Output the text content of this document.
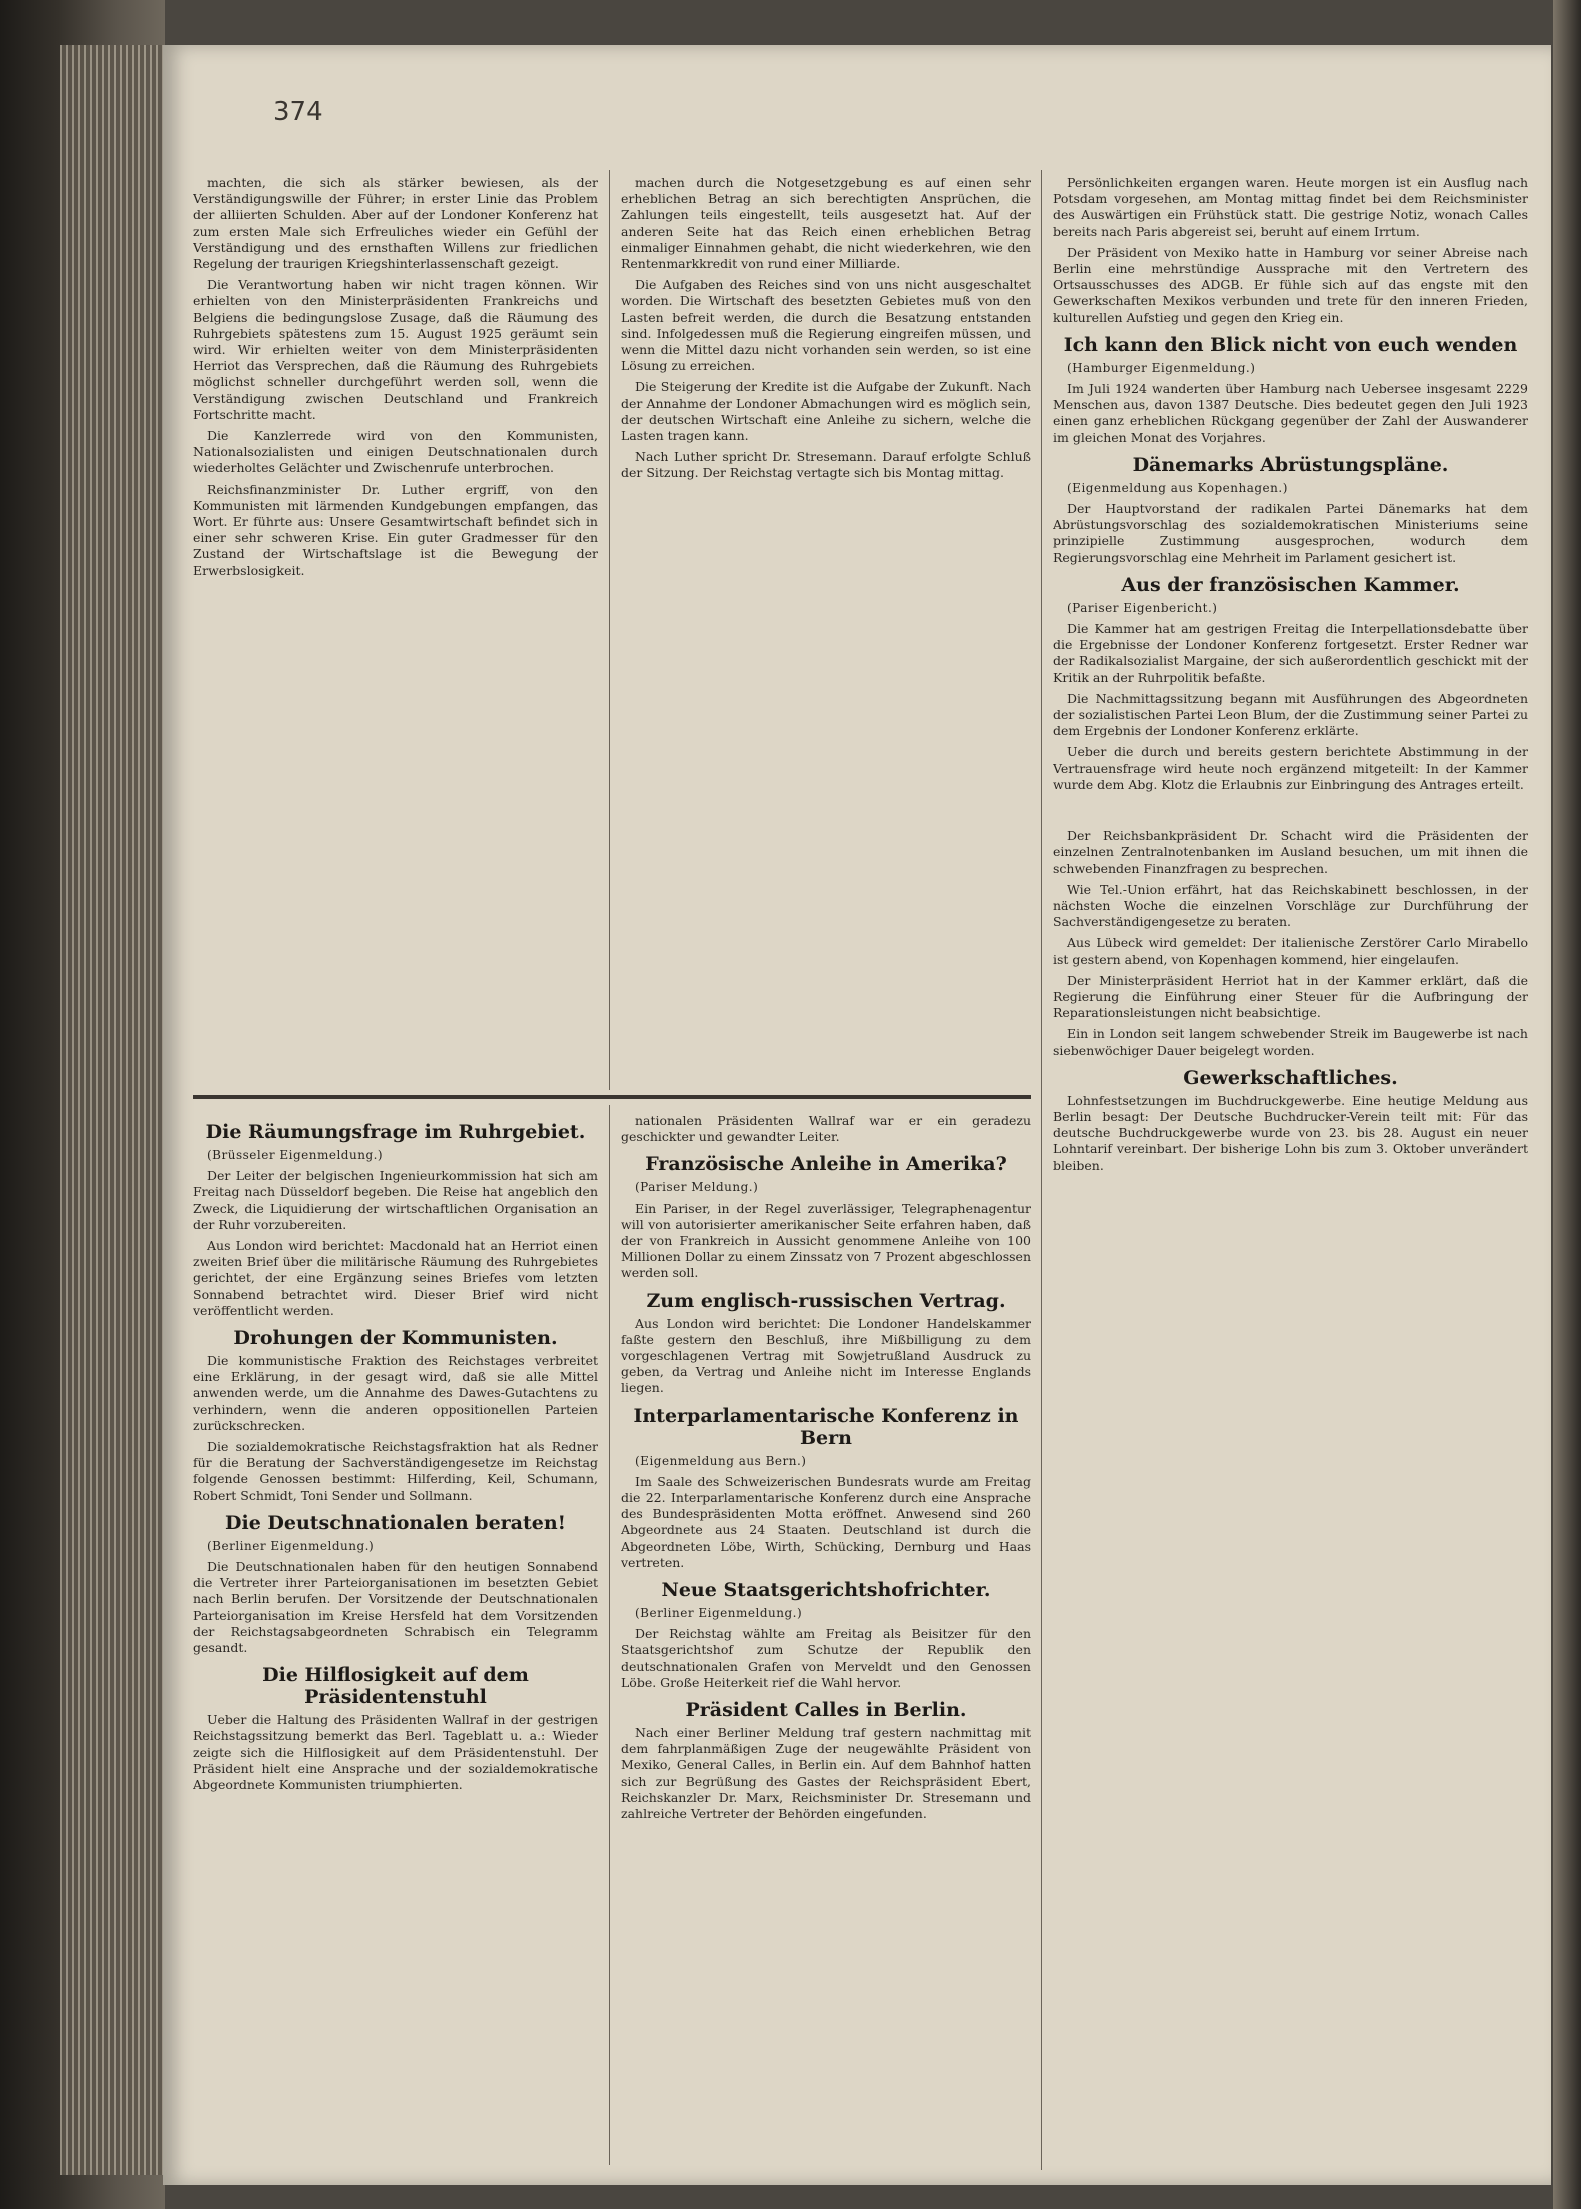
374

machten, die sich als stärker bewiesen, als der Verständigungswille der Führer; in erster Linie das Problem der alliierten Schulden. Aber auf der Londoner Konferenz hat zum ersten Male sich Erfreuliches wieder ein Gefühl der Verständigung und des ernsthaften Willens zur friedlichen Regelung der traurigen Kriegshinterlassenschaft gezeigt.

Die Verantwortung haben wir nicht tragen können. Wir erhielten von den Ministerpräsidenten Frankreichs und Belgiens die bedingungslose Zusage, daß die Räumung des Ruhrgebiets spätestens zum 15. August 1925 geräumt sein wird. Wir erhielten weiter von dem Ministerpräsidenten Herriot das Versprechen, daß die Räumung des Ruhrgebiets möglichst schneller durchgeführt werden soll, wenn die Verständigung zwischen Deutschland und Frankreich Fortschritte macht.

Die Kanzlerrede wird von den Kommunisten, Nationalsozialisten und einigen Deutschnationalen durch wiederholtes Gelächter und Zwischenrufe unterbrochen.

Reichsfinanzminister Dr. Luther ergriff, von den Kommunisten mit lärmenden Kundgebungen empfangen, das Wort. Er führte aus: Unsere Gesamtwirtschaft befindet sich in einer sehr schweren Krise. Ein guter Gradmesser für den Zustand der Wirtschaftslage ist die Bewegung der Erwerbslosigkeit.

machen durch die Notgesetzgebung es auf einen sehr erheblichen Betrag an sich berechtigten Ansprüchen, die Zahlungen teils eingestellt, teils ausgesetzt hat. Auf der anderen Seite hat das Reich einen erheblichen Betrag einmaliger Einnahmen gehabt, die nicht wiederkehren, wie den Rentenmarkkredit von rund einer Milliarde.

Die Aufgaben des Reiches sind von uns nicht ausgeschaltet worden. Die Wirtschaft des besetzten Gebietes muß von den Lasten befreit werden, die durch die Besatzung entstanden sind. Infolgedessen muß die Regierung eingreifen müssen, und wenn die Mittel dazu nicht vorhanden sein werden, so ist eine Lösung zu erreichen.

Die Steigerung der Kredite ist die Aufgabe der Zukunft. Nach der Annahme der Londoner Abmachungen wird es möglich sein, der deutschen Wirtschaft eine Anleihe zu sichern, welche die Lasten tragen kann.

Nach Luther spricht Dr. Stresemann. Darauf erfolgte Schluß der Sitzung. Der Reichstag vertagte sich bis Montag mittag.

Persönlichkeiten ergangen waren. Heute morgen ist ein Ausflug nach Potsdam vorgesehen, am Montag mittag findet bei dem Reichsminister des Auswärtigen ein Frühstück statt. Die gestrige Notiz, wonach Calles bereits nach Paris abgereist sei, beruht auf einem Irrtum.

Der Präsident von Mexiko hatte in Hamburg vor seiner Abreise nach Berlin eine mehrstündige Aussprache mit den Vertretern des Ortsausschusses des ADGB. Er fühle sich auf das engste mit den Gewerkschaften Mexikos verbunden und trete für den inneren Frieden, kulturellen Aufstieg und gegen den Krieg ein.

Ich kann den Blick nicht von euch wenden
(Hamburger Eigenmeldung.)

Im Juli 1924 wanderten über Hamburg nach Uebersee insgesamt 2229 Menschen aus, davon 1387 Deutsche. Dies bedeutet gegen den Juli 1923 einen ganz erheblichen Rückgang gegenüber der Zahl der Auswanderer im gleichen Monat des Vorjahres.

Dänemarks Abrüstungspläne.
(Eigenmeldung aus Kopenhagen.)

Der Hauptvorstand der radikalen Partei Dänemarks hat dem Abrüstungsvorschlag des sozialdemokratischen Ministeriums seine prinzipielle Zustimmung ausgesprochen, wodurch dem Regierungsvorschlag eine Mehrheit im Parlament gesichert ist.

Aus der französischen Kammer.
(Pariser Eigenbericht.)

Die Kammer hat am gestrigen Freitag die Interpellationsdebatte über die Ergebnisse der Londoner Konferenz fortgesetzt. Erster Redner war der Radikalsozialist Margaine, der sich außerordentlich geschickt mit der Kritik an der Ruhrpolitik befaßte.

Die Nachmittagssitzung begann mit Ausführungen des Abgeordneten der sozialistischen Partei Leon Blum, der die Zustimmung seiner Partei zu dem Ergebnis der Londoner Konferenz erklärte.

Ueber die durch und bereits gestern berichtete Abstimmung in der Vertrauensfrage wird heute noch ergänzend mitgeteilt: In der Kammer wurde dem Abg. Klotz die Erlaubnis zur Einbringung des Antrages erteilt.

Der Reichsbankpräsident Dr. Schacht wird die Präsidenten der einzelnen Zentralnotenbanken im Ausland besuchen, um mit ihnen die schwebenden Finanzfragen zu besprechen.

Wie Tel.-Union erfährt, hat das Reichskabinett beschlossen, in der nächsten Woche die einzelnen Vorschläge zur Durchführung der Sachverständigengesetze zu beraten.

Aus Lübeck wird gemeldet: Der italienische Zerstörer Carlo Mirabello ist gestern abend, von Kopenhagen kommend, hier eingelaufen.

Der Ministerpräsident Herriot hat in der Kammer erklärt, daß die Regierung die Einführung einer Steuer für die Aufbringung der Reparationsleistungen nicht beabsichtige.

Ein in London seit langem schwebender Streik im Baugewerbe ist nach siebenwöchiger Dauer beigelegt worden.

Gewerkschaftliches.

Lohnfestsetzungen im Buchdruckgewerbe. Eine heutige Meldung aus Berlin besagt: Der Deutsche Buchdrucker-Verein teilt mit: Für das deutsche Buchdruckgewerbe wurde von 23. bis 28. August ein neuer Lohntarif vereinbart. Der bisherige Lohn bis zum 3. Oktober unverändert bleiben.

Die Räumungsfrage im Ruhrgebiet.
(Brüsseler Eigenmeldung.)

Der Leiter der belgischen Ingenieurkommission hat sich am Freitag nach Düsseldorf begeben. Die Reise hat angeblich den Zweck, die Liquidierung der wirtschaftlichen Organisation an der Ruhr vorzubereiten.

Aus London wird berichtet: Macdonald hat an Herriot einen zweiten Brief über die militärische Räumung des Ruhrgebietes gerichtet, der eine Ergänzung seines Briefes vom letzten Sonnabend betrachtet wird. Dieser Brief wird nicht veröffentlicht werden.

Drohungen der Kommunisten.

Die kommunistische Fraktion des Reichstages verbreitet eine Erklärung, in der gesagt wird, daß sie alle Mittel anwenden werde, um die Annahme des Dawes-Gutachtens zu verhindern, wenn die anderen oppositionellen Parteien zurückschrecken.

Die sozialdemokratische Reichstagsfraktion hat als Redner für die Beratung der Sachverständigengesetze im Reichstag folgende Genossen bestimmt: Hilferding, Keil, Schumann, Robert Schmidt, Toni Sender und Sollmann.

Die Deutschnationalen beraten!
(Berliner Eigenmeldung.)

Die Deutschnationalen haben für den heutigen Sonnabend die Vertreter ihrer Parteiorganisationen im besetzten Gebiet nach Berlin berufen. Der Vorsitzende der Deutschnationalen Parteiorganisation im Kreise Hersfeld hat dem Vorsitzenden der Reichstagsabgeordneten Schrabisch ein Telegramm gesandt.

Die Hilflosigkeit auf dem Präsidentenstuhl

Ueber die Haltung des Präsidenten Wallraf in der gestrigen Reichstagssitzung bemerkt das Berl. Tageblatt u. a.: Wieder zeigte sich die Hilflosigkeit auf dem Präsidentenstuhl. Der Präsident hielt eine Ansprache und der sozialdemokratische Abgeordnete Kommunisten triumphierten.

nationalen Präsidenten Wallraf war er ein geradezu geschickter und gewandter Leiter.

Französische Anleihe in Amerika?
(Pariser Meldung.)

Ein Pariser, in der Regel zuverlässiger, Telegraphenagentur will von autorisierter amerikanischer Seite erfahren haben, daß der von Frankreich in Aussicht genommene Anleihe von 100 Millionen Dollar zu einem Zinssatz von 7 Prozent abgeschlossen werden soll.

Zum englisch-russischen Vertrag.

Aus London wird berichtet: Die Londoner Handelskammer faßte gestern den Beschluß, ihre Mißbilligung zu dem vorgeschlagenen Vertrag mit Sowjetrußland Ausdruck zu geben, da Vertrag und Anleihe nicht im Interesse Englands liegen.

Interparlamentarische Konferenz in Bern
(Eigenmeldung aus Bern.)

Im Saale des Schweizerischen Bundesrats wurde am Freitag die 22. Interparlamentarische Konferenz durch eine Ansprache des Bundespräsidenten Motta eröffnet. Anwesend sind 260 Abgeordnete aus 24 Staaten. Deutschland ist durch die Abgeordneten Löbe, Wirth, Schücking, Dernburg und Haas vertreten.

Neue Staatsgerichtshofrichter.
(Berliner Eigenmeldung.)

Der Reichstag wählte am Freitag als Beisitzer für den Staatsgerichtshof zum Schutze der Republik den deutschnationalen Grafen von Merveldt und den Genossen Löbe. Große Heiterkeit rief die Wahl hervor.

Präsident Calles in Berlin.

Nach einer Berliner Meldung traf gestern nachmittag mit dem fahrplanmäßigen Zuge der neugewählte Präsident von Mexiko, General Calles, in Berlin ein. Auf dem Bahnhof hatten sich zur Begrüßung des Gastes der Reichspräsident Ebert, Reichskanzler Dr. Marx, Reichsminister Dr. Stresemann und zahlreiche Vertreter der Behörden eingefunden.
